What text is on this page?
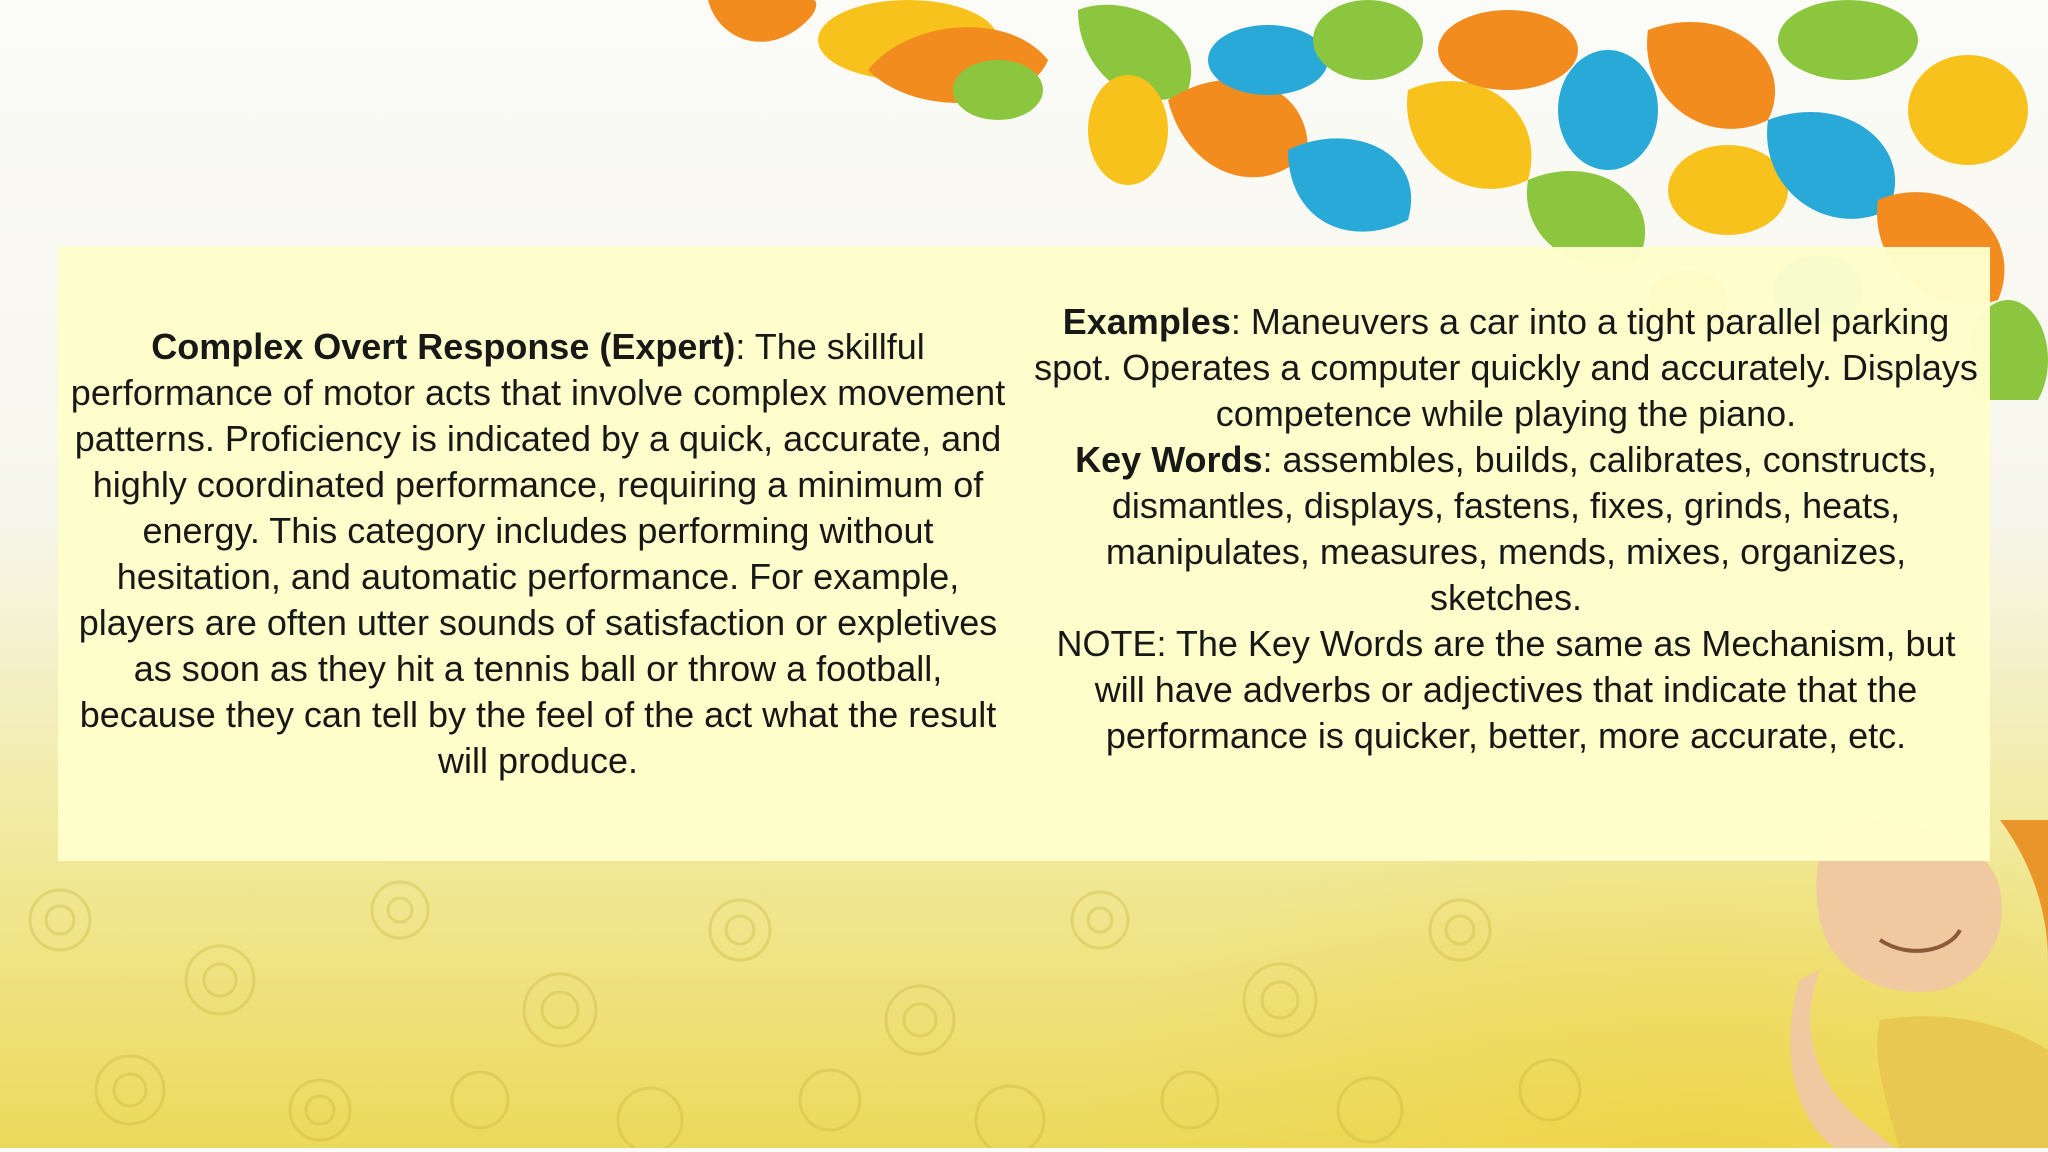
Complex Overt Response (Expert): The skillful performance of motor acts that involve complex movement patterns. Proficiency is indicated by a quick, accurate, and highly coordinated performance, requiring a minimum of energy. This category includes performing without hesitation, and automatic performance. For example, players are often utter sounds of satisfaction or expletives as soon as they hit a tennis ball or throw a football, because they can tell by the feel of the act what the result will produce.

Examples: Maneuvers a car into a tight parallel parking spot. Operates a computer quickly and accurately. Displays competence while playing the piano.

Key Words: assembles, builds, calibrates, constructs, dismantles, displays, fastens, fixes, grinds, heats, manipulates, measures, mends, mixes, organizes, sketches.

NOTE: The Key Words are the same as Mechanism, but will have adverbs or adjectives that indicate that the performance is quicker, better, more accurate, etc.
